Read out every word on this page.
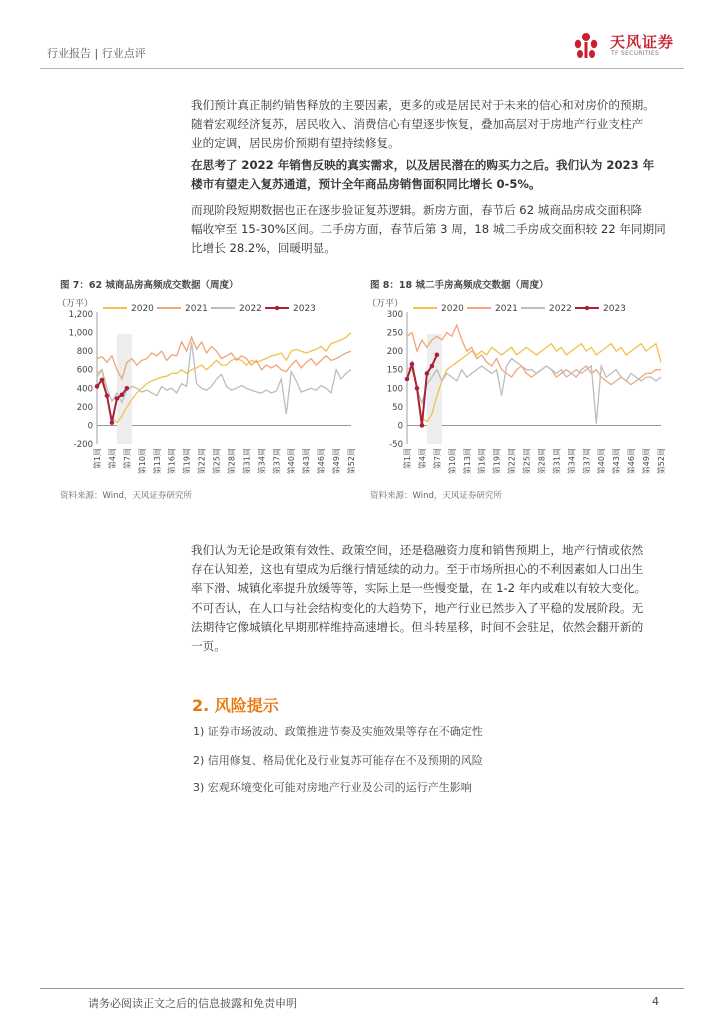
行业报告 | 行业点评
天风证券
TF SECURITIES

我们预计真正制约销售释放的主要因素，更多的或是居民对于未来的信心和对房价的预期。
随着宏观经济复苏，居民收入、消费信心有望逐步恢复，叠加高层对于房地产行业支柱产
业的定调，居民房价预期有望持续修复。

在思考了 2022 年销售反映的真实需求，以及居民潜在的购买力之后。我们认为 2023 年
楼市有望走入复苏通道，预计全年商品房销售面积同比增长 0-5%。

而现阶段短期数据也正在逐步验证复苏逻辑。新房方面，春节后 62 城商品房成交面积降
幅收窄至 15-30%区间。二手房方面，春节后第 3 周，18 城二手房成交面积较 22 年同期同
比增长 28.2%，回暖明显。

图 7：62 城商品房高频成交数据（周度）	图 8：18 城二手房高频成交数据（周度）
（万平）	2020	2021	2022	2023
1,200
1,000
800
600
400
200
0
-200
第1周 第4周 第7周 第10周 第13周 第16周 第19周 第22周 第25周 第28周 第31周 第34周 第37周 第40周 第43周 第46周 第49周 第52周
（万平）	2020	2021	2022	2023
300
250
200
150
100
50
0
-50
第1周 第4周 第7周 第10周 第13周 第16周 第19周 第22周 第25周 第28周 第31周 第34周 第37周 第40周 第43周 第46周 第49周 第52周
资料来源：Wind，天风证券研究所	资料来源：Wind，天风证券研究所

我们认为无论是政策有效性、政策空间，还是稳融资力度和销售预期上，地产行情或依然
存在认知差，这也有望成为后继行情延续的动力。至于市场所担心的不利因素如人口出生
率下滑、城镇化率提升放缓等等，实际上是一些慢变量，在 1-2 年内或难以有较大变化。

不可否认，在人口与社会结构变化的大趋势下，地产行业已然步入了平稳的发展阶段。无
法期待它像城镇化早期那样维持高速增长。但斗转星移，时间不会驻足，依然会翻开新的
一页。

2. 风险提示
1) 证券市场波动、政策推进节奏及实施效果等存在不确定性
2) 信用修复、格局优化及行业复苏可能存在不及预期的风险
3) 宏观环境变化可能对房地产行业及公司的运行产生影响
请务必阅读正文之后的信息披露和免责申明	4
